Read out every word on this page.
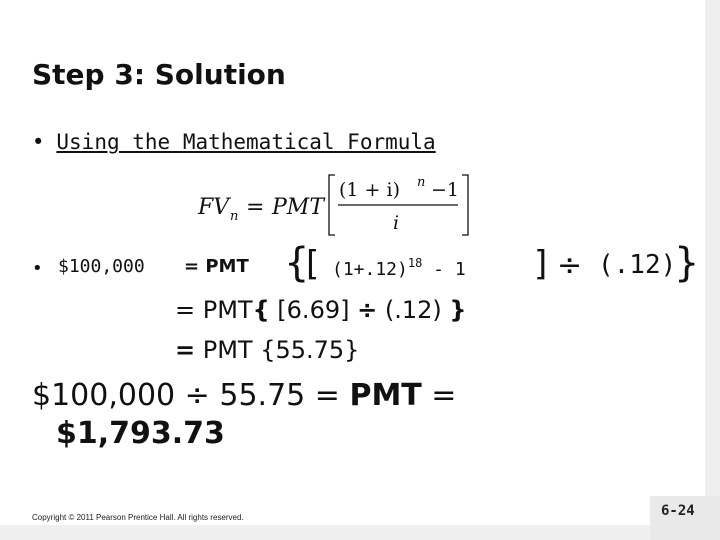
Step 3: Solution
• Using the Mathematical Formula
FV n = PMT
(1 + i) n −1
i
• $100,000 = PMT {
[ $(1+.12)^{18} - 1$ ] ÷ (.12)
}
= PMT{ [6.69] ÷ (.12) }
= PMT {55.75}
$100,000 ÷ 55.75 = PMT =
$1,793.73
Copyright © 2011 Pearson Prentice Hall. All rights reserved.	6-24
